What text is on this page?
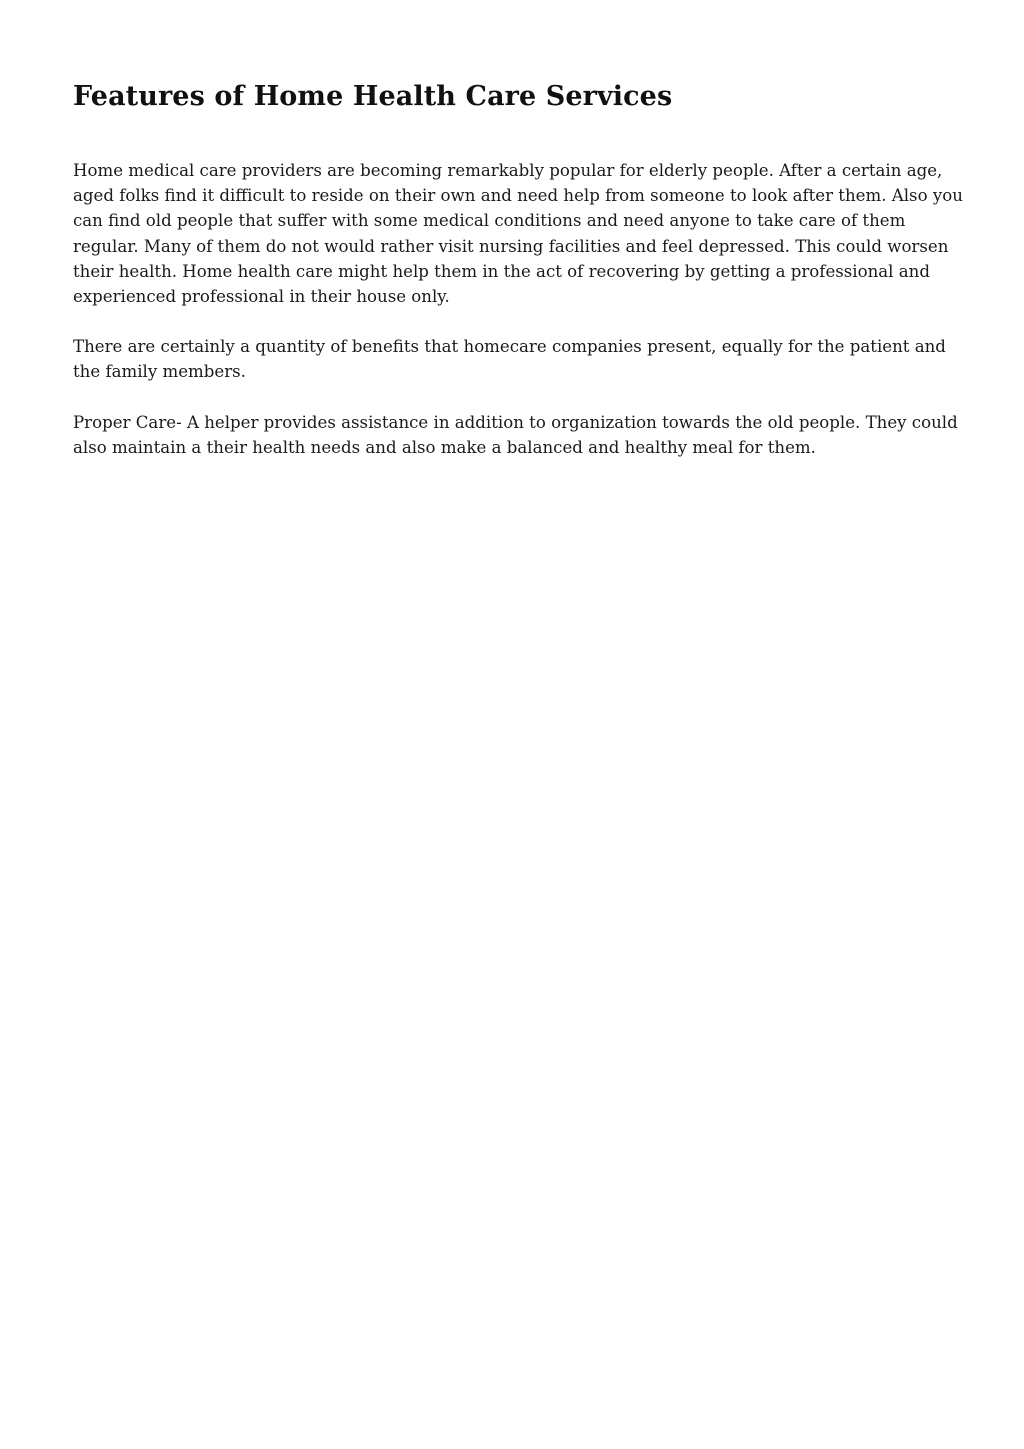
Features of Home Health Care Services

Home medical care providers are becoming remarkably popular for elderly people. After a certain age, aged folks find it difficult to reside on their own and need help from someone to look after them. Also you can find old people that suffer with some medical conditions and need anyone to take care of them regular. Many of them do not would rather visit nursing facilities and feel depressed. This could worsen their health. Home health care might help them in the act of recovering by getting a professional and experienced professional in their house only.

There are certainly a quantity of benefits that homecare companies present, equally for the patient and the family members.

Proper Care- A helper provides assistance in addition to organization towards the old people. They could also maintain a their health needs and also make a balanced and healthy meal for them.
